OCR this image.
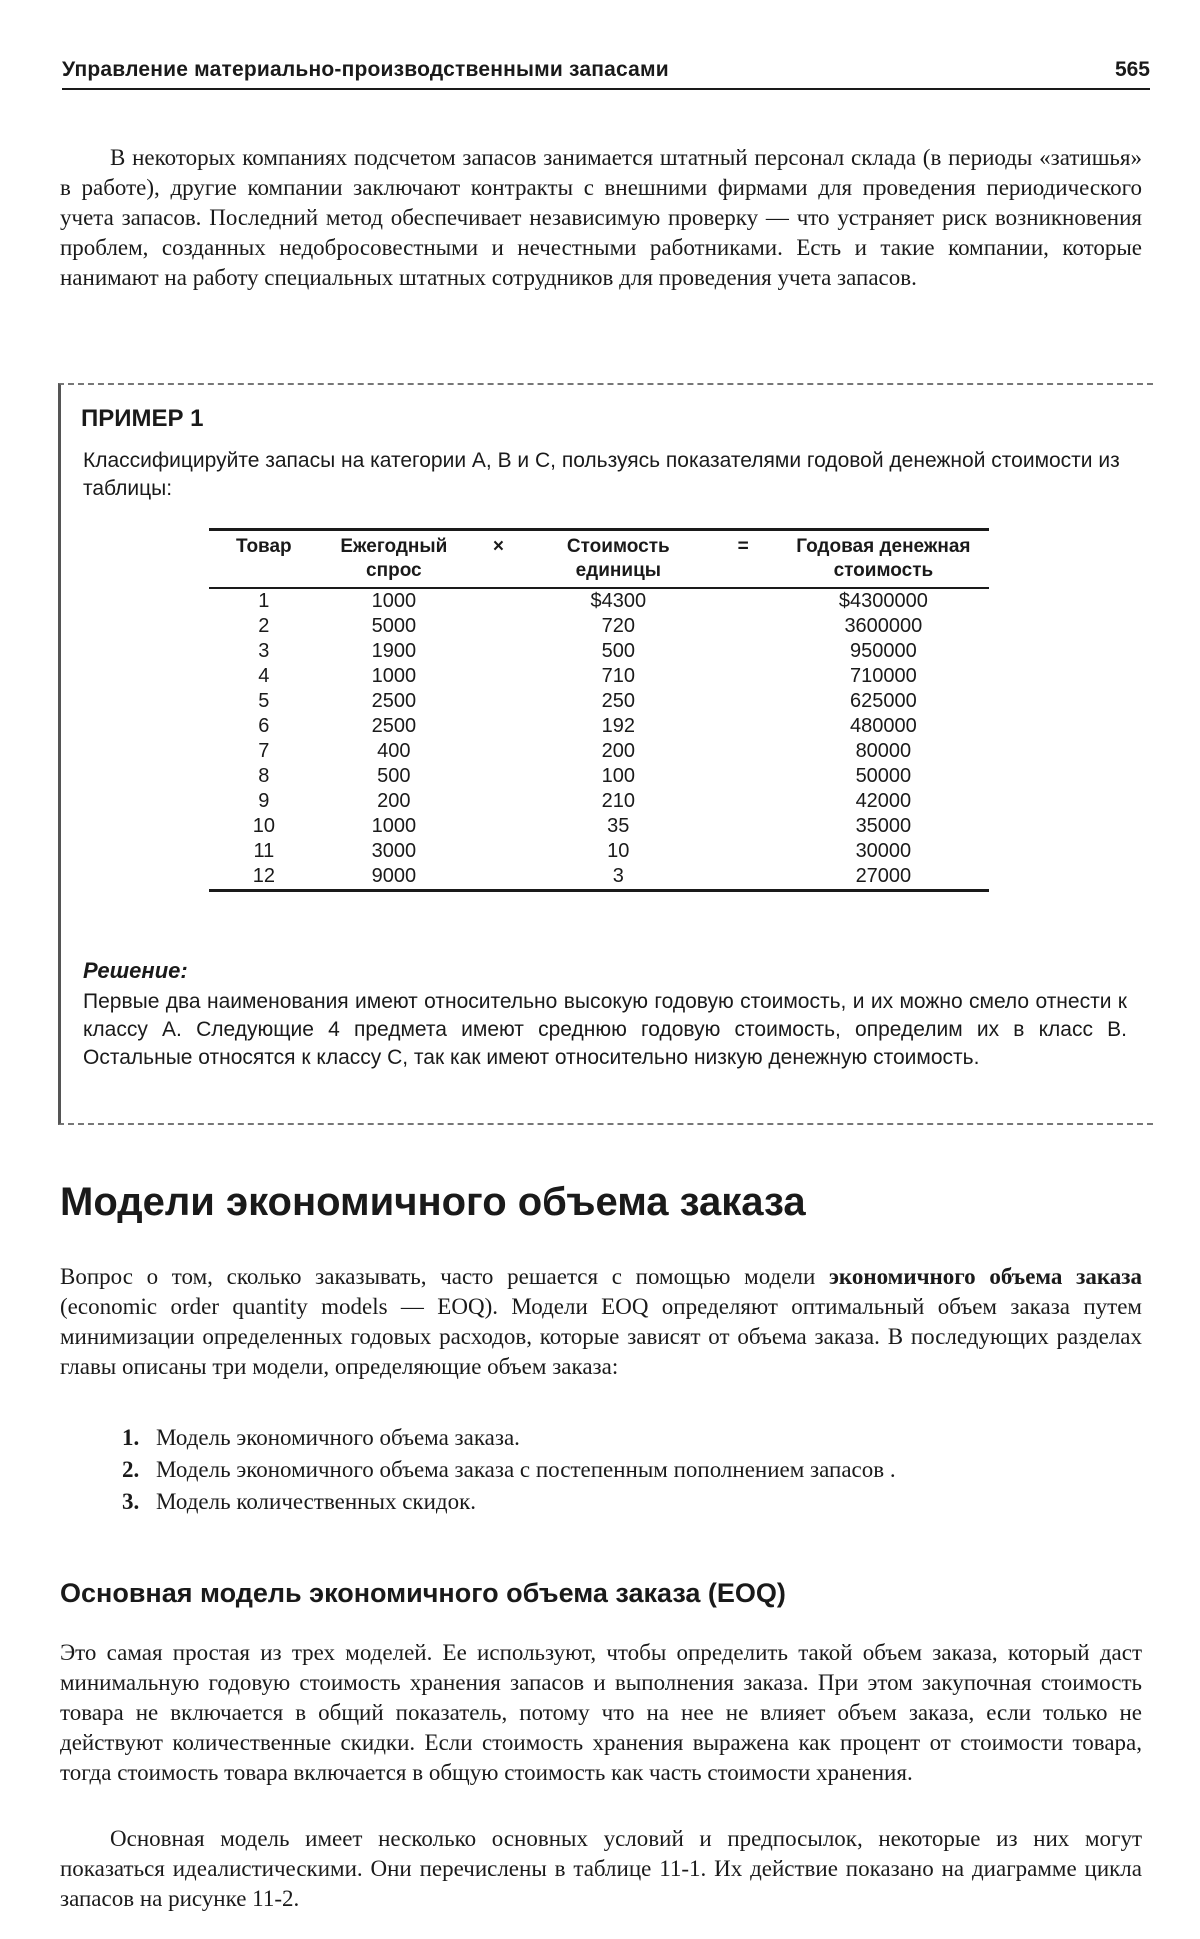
Управление материально-производственными запасами	565

В некоторых компаниях подсчетом запасов занимается штатный персонал склада (в периоды «затишья» в работе), другие компании заключают контракты с внешними фирмами для проведения периодического учета запасов. Последний метод обеспечивает независимую проверку — что устраняет риск возникновения проблем, созданных недобросовестными и нечестными работниками. Есть и такие компании, которые нанимают на работу специальных штатных сотрудников для проведения учета запасов.

ПРИМЕР 1

Классифицируйте запасы на категории А, В и С, пользуясь показателями годовой денежной стоимости из таблицы:

Товар	Ежегодный спрос	×	Стоимость единицы	=	Годовая денежная стоимость
1	1000		$4300		$4300000
2	5000		720		3600000
3	1900		500		950000
4	1000		710		710000
5	2500		250		625000
6	2500		192		480000
7	400		200		80000
8	500		100		50000
9	200		210		42000
10	1000		35		35000
11	3000		10		30000
12	9000		3		27000
Решение:

Первые два наименования имеют относительно высокую годовую стоимость, и их можно смело отнести к классу А. Следующие 4 предмета имеют среднюю годовую стоимость, определим их в класс В. Остальные относятся к классу С, так как имеют относительно низкую денежную стоимость.

Модели экономичного объема заказа

Вопрос о том, сколько заказывать, часто решается с помощью модели экономичного объема заказа (economic order quantity models — EOQ). Модели EOQ определяют оптимальный объем заказа путем минимизации определенных годовых расходов, которые зависят от объема заказа. В последующих разделах главы описаны три модели, определяющие объем заказа:

1. Модель экономичного объема заказа.
2. Модель экономичного объема заказа с постепенным пополнением запасов .
3. Модель количественных скидок.
Основная модель экономичного объема заказа (EOQ)

Это самая простая из трех моделей. Ее используют, чтобы определить такой объем заказа, который даст минимальную годовую стоимость хранения запасов и выполнения заказа. При этом закупочная стоимость товара не включается в общий показатель, потому что на нее не влияет объем заказа, если только не действуют количественные скидки. Если стоимость хранения выражена как процент от стоимости товара, тогда стоимость товара включается в общую стоимость как часть стоимости хранения.

Основная модель имеет несколько основных условий и предпосылок, некоторые из них могут показаться идеалистическими. Они перечислены в таблице 11-1. Их действие показано на диаграмме цикла запасов на рисунке 11-2.
